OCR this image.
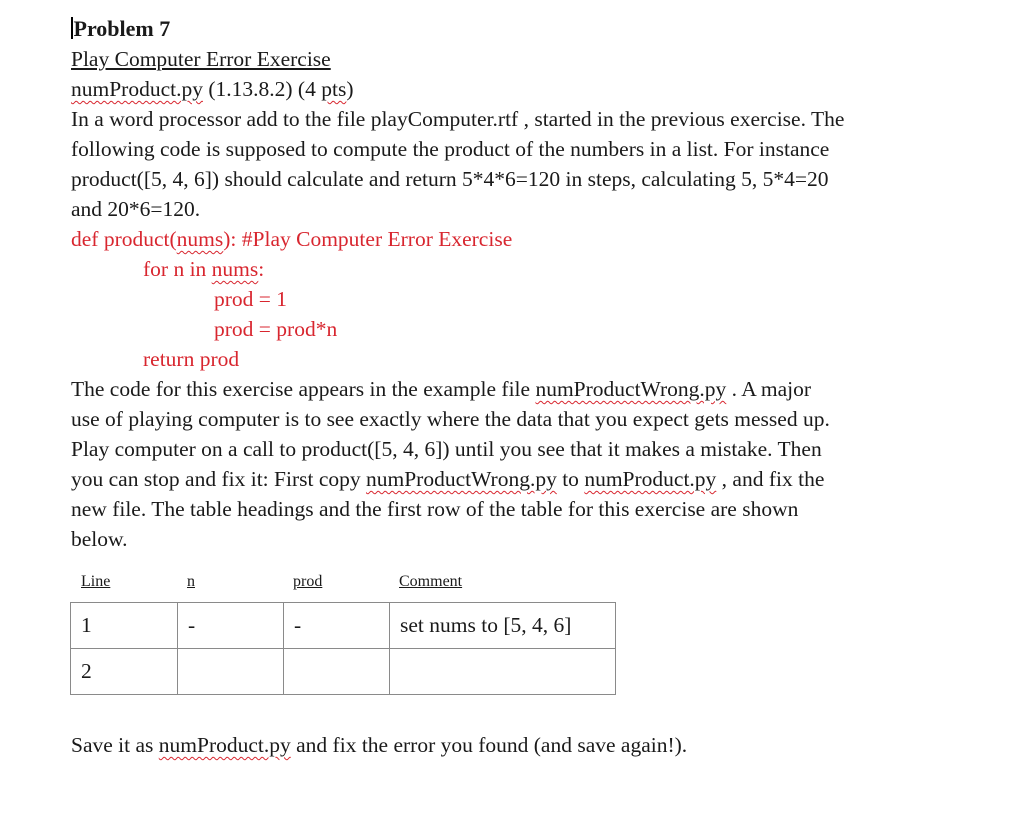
Problem 7
Play Computer Error Exercise
numProduct.py (1.13.8.2) (4 pts)
In a word processor add to the file playComputer.rtf , started in the previous exercise. The
following code is supposed to compute the product of the numbers in a list. For instance
product([5, 4, 6]) should calculate and return 5*4*6=120 in steps, calculating 5, 5*4=20
and 20*6=120.
def product(nums): #Play Computer Error Exercise
for n in nums:
prod = 1
prod = prod*n
return prod
The code for this exercise appears in the example file numProductWrong.py . A major
use of playing computer is to see exactly where the data that you expect gets messed up.
Play computer on a call to product([5, 4, 6]) until you see that it makes a mistake. Then
you can stop and fix it: First copy numProductWrong.py to numProduct.py , and fix the
new file. The table headings and the first row of the table for this exercise are shown
below.
Line	n	prod	Comment
1	-	-	set nums to [5, 4, 6]
2			
Save it as numProduct.py and fix the error you found (and save again!).
